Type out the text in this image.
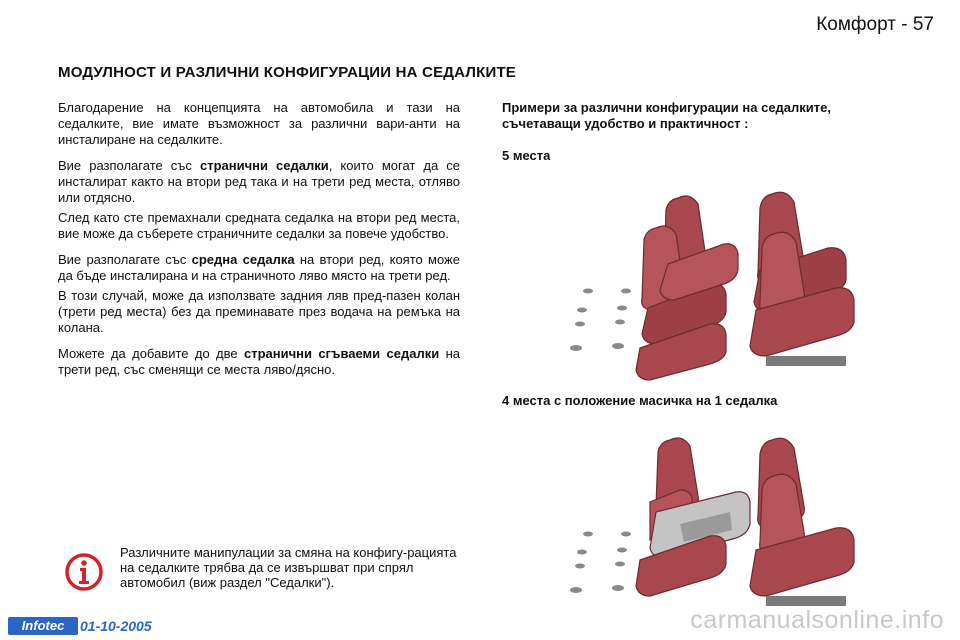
Комфорт - 57
МОДУЛНОСТ И РАЗЛИЧНИ КОНФИГУРАЦИИ НА СЕДАЛКИТЕ

Благодарение на концепцията на автомобила и тази на седалките, вие имате възможност за различни вари-анти на инсталиране на седалките.

Вие разполагате със странични седалки, които могат да се инсталират както на втори ред така и на трети ред места, отляво или отдясно.

След като сте премахнали средната седалка на втори ред места, вие може да съберете страничните седалки за повече удобство.

Вие разполагате със средна седалка на втори ред, която може да бъде инсталирана и на страничното ляво място на трети ред.

В този случай, може да използвате задния ляв пред-пазен колан (трети ред места) без да преминавате през водача на ремъка на колана.

Можете да добавите до две странични сгъваеми седалки на трети ред, със сменящи се места ляво/дясно.

Примери за различни конфигурации на седалките, съчетаващи удобство и практичност :
5 места
4 места с положение масичка на 1 седалка
Различните манипулации за смяна на конфигу-рацията на седалките трябва да се извършват при спрял автомобил (виж раздел "Седалки").
Infotec	01-10-2005	carmanualsonline.info
